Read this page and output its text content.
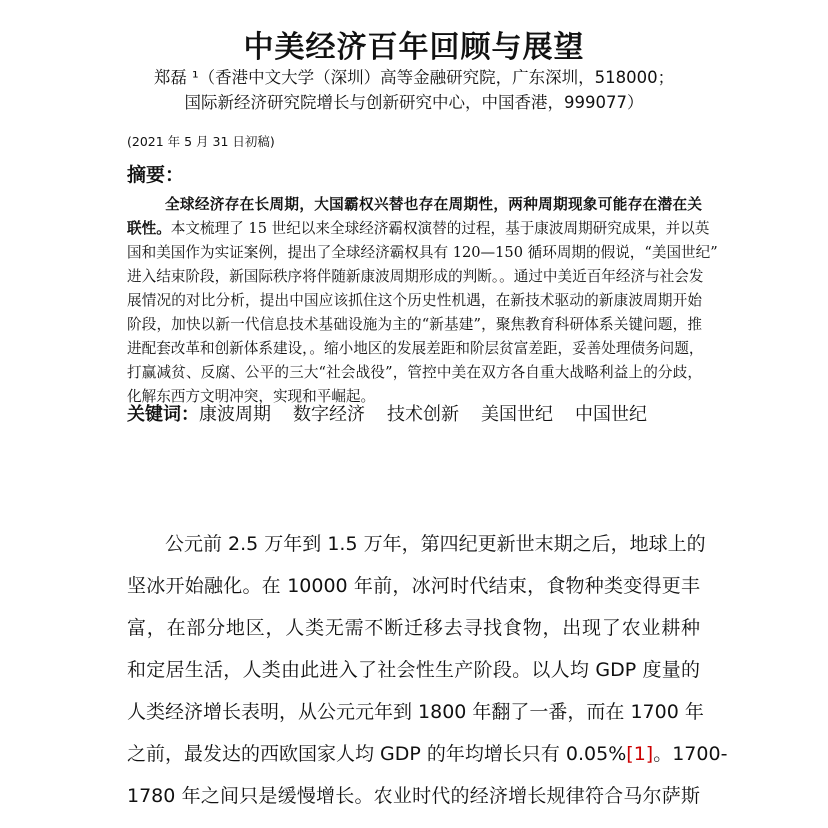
中美经济百年回顾与展望
郑磊 ¹（香港中文大学（深圳）高等金融研究院，广东深圳，518000；
国际新经济研究院增长与创新研究中心，中国香港，999077）
(2021 年 5 月 31 日初稿)
摘要：
全球经济存在长周期，大国霸权兴替也存在周期性，两种周期现象可能存在潜在关
联性。本文梳理了 15 世纪以来全球经济霸权演替的过程，基于康波周期研究成果，并以英
国和美国作为实证案例，提出了全球经济霸权具有 120—150 循环周期的假说，“美国世纪”
进入结束阶段，新国际秩序将伴随新康波周期形成的判断。。通过中美近百年经济与社会发
展情况的对比分析，提出中国应该抓住这个历史性机遇，在新技术驱动的新康波周期开始
阶段，加快以新一代信息技术基础设施为主的“新基建”，聚焦教育科研体系关键问题，推
进配套改革和创新体系建设，。缩小地区的发展差距和阶层贫富差距，妥善处理债务问题，
打赢减贫、反腐、公平的三大“社会战役”，管控中美在双方各自重大战略利益上的分歧，
化解东西方文明冲突，实现和平崛起。
关键词：康波周期 数字经济 技术创新 美国世纪 中国世纪
公元前 2.5 万年到 1.5 万年，第四纪更新世末期之后，地球上的
坚冰开始融化。在 10000 年前，冰河时代结束，食物种类变得更丰
富，在部分地区，人类无需不断迁移去寻找食物，出现了农业耕种
和定居生活，人类由此进入了社会性生产阶段。以人均 GDP 度量的
人类经济增长表明，从公元元年到 1800 年翻了一番，而在 1700 年
之前，最发达的西欧国家人均 GDP 的年均增长只有 0.05%[1]。1700-
1780 年之间只是缓慢增长。农业时代的经济增长规律符合马尔萨斯
